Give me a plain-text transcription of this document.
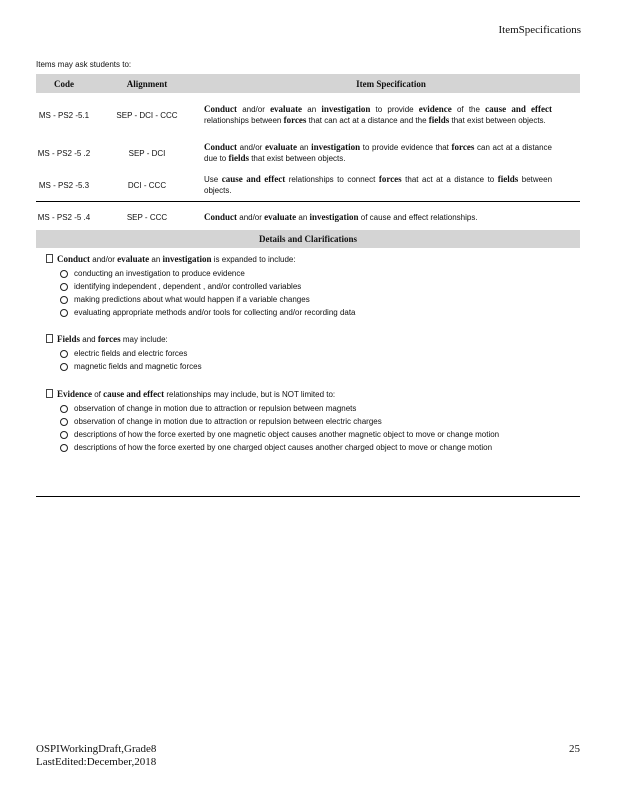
ItemSpecifications
Items may ask students to:
Code	Alignment	Item Specification
MS - PS2 -5.1	SEP - DCI - CCC	Conduct and/or evaluate an investigation to provide evidence of the cause and effect relationships between forces that can act at a distance and the fields that exist between objects.
MS - PS2 -5 .2	SEP - DCI	Conduct and/or evaluate an investigation to provide evidence that forces can act at a distance due to fields that exist between objects.
MS - PS2 -5.3	DCI - CCC	Use cause and effect relationships to connect forces that act at a distance to fields between objects.
MS - PS2 -5 .4	SEP - CCC	Conduct and/or evaluate an investigation of cause and effect relationships.
Details and Clarifications
Conduct and/or evaluate an investigation is expanded to include:
conducting an investigation to produce evidence
identifying independent , dependent , and/or controlled variables
making predictions about what would happen if a variable changes
evaluating appropriate methods and/or tools for collecting and/or recording data
Fields and forces may include:
electric fields and electric forces
magnetic fields and magnetic forces
Evidence of cause and effect relationships may include, but is NOT limited to:
observation of change in motion due to attraction or repulsion between magnets
observation of change in motion due to attraction or repulsion between electric charges
descriptions of how the force exerted by one magnetic object causes another magnetic object to move or change motion
descriptions of how the force exerted by one charged object causes another charged object to move or change motion
OSPIWorkingDraft,Grade8
LastEdited:December,2018
25
